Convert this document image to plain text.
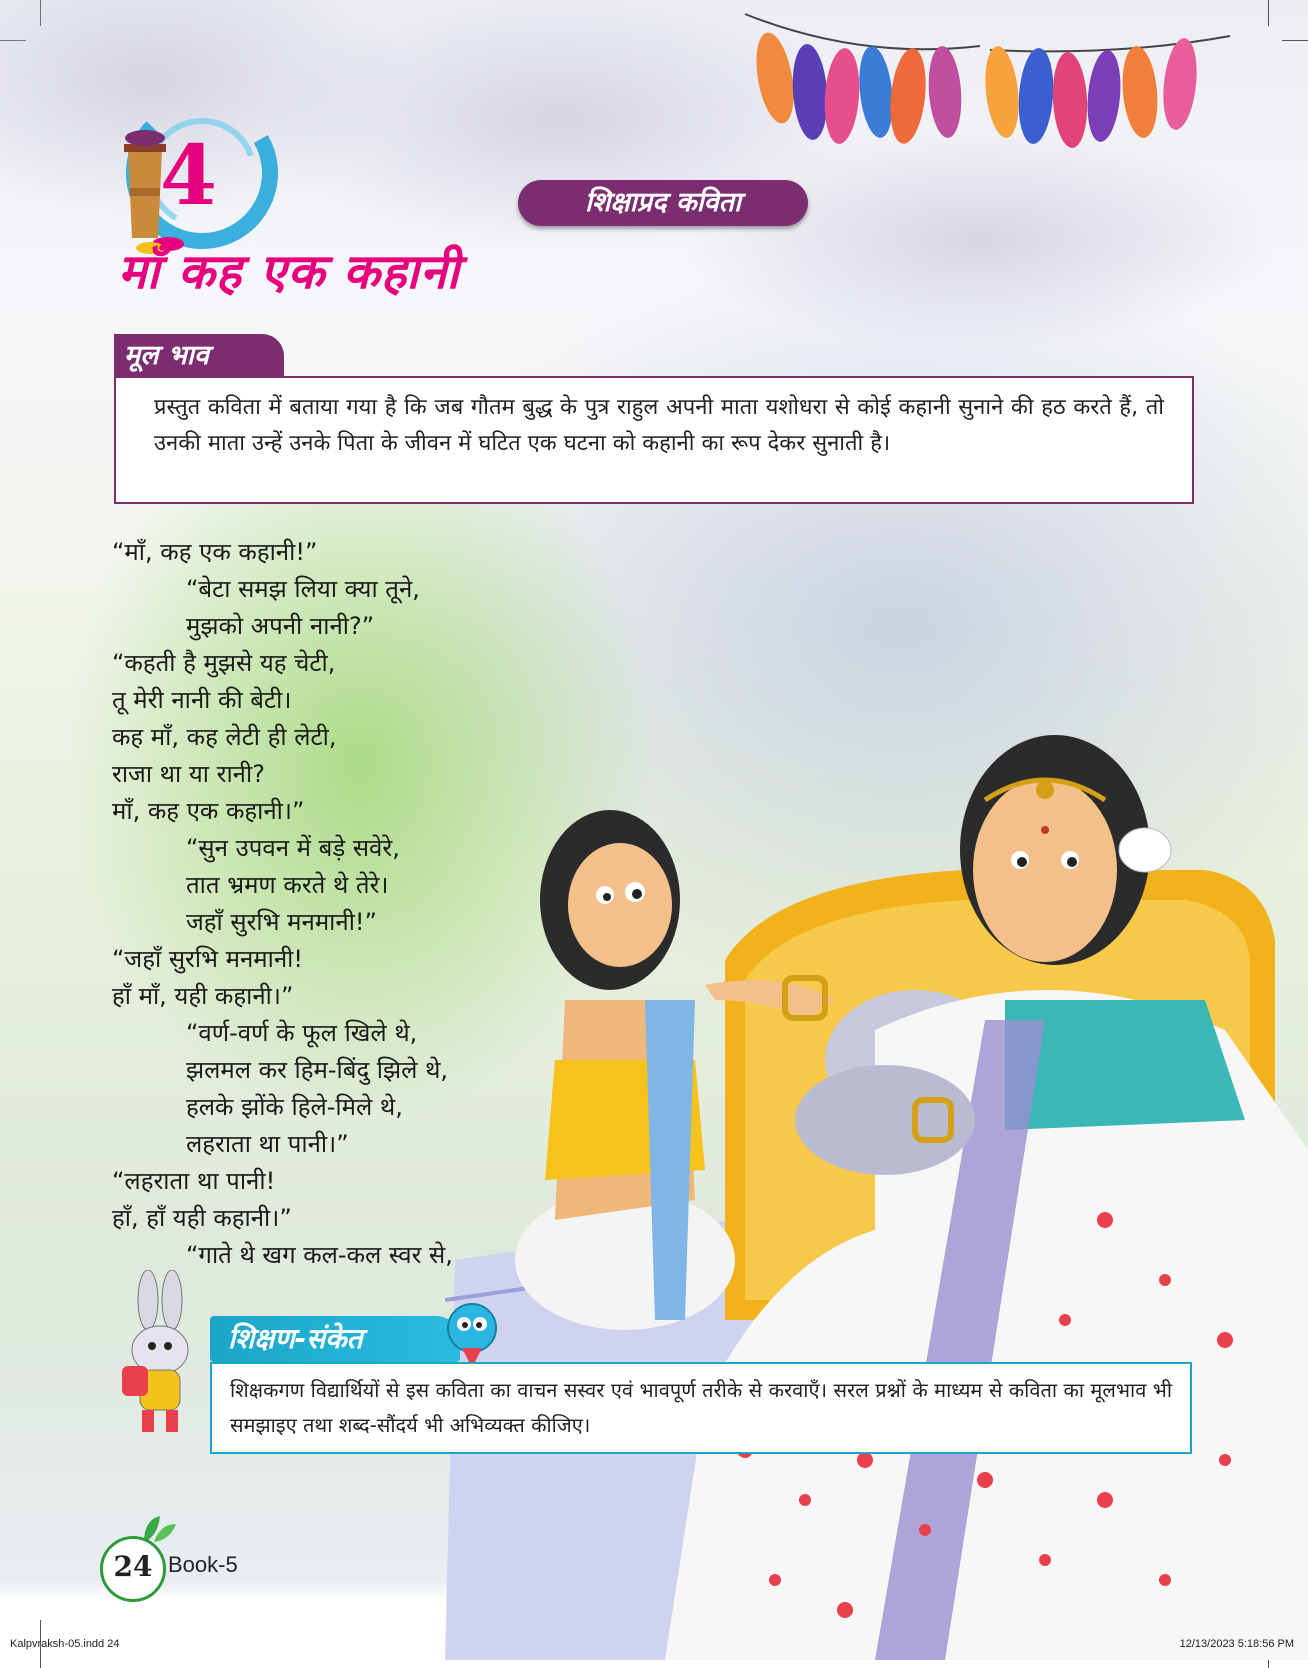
4	शिक्षाप्रद कविता
माँ कह एक कहानी
मूल भाव
प्रस्तुत कविता में बताया गया है कि जब गौतम बुद्ध के पुत्र राहुल अपनी माता यशोधरा से कोई कहानी सुनाने की हठ करते हैं, तो उनकी माता उन्हें उनके पिता के जीवन में घटित एक घटना को कहानी का रूप देकर सुनाती है।
“माँ, कह एक कहानी!”
“बेटा समझ लिया क्या तूने,
मुझको अपनी नानी?”
“कहती है मुझसे यह चेटी,
तू मेरी नानी की बेटी।
कह माँ, कह लेटी ही लेटी,
राजा था या रानी?
माँ, कह एक कहानी।”
“सुन उपवन में बड़े सवेरे,
तात भ्रमण करते थे तेरे।
जहाँ सुरभि मनमानी!”
“जहाँ सुरभि मनमानी!
हाँ माँ, यही कहानी।”
“वर्ण-वर्ण के फूल खिले थे,
झलमल कर हिम-बिंदु झिले थे,
हलके झोंके हिले-मिले थे,
लहराता था पानी।”
“लहराता था पानी!
हाँ, हाँ यही कहानी।”
“गाते थे खग कल-कल स्वर से,
शिक्षण-संकेत
शिक्षकगण विद्यार्थियों से इस कविता का वाचन सस्वर एवं भावपूर्ण तरीके से करवाएँ। सरल प्रश्नों के माध्यम से कविता का मूलभाव भी समझाइए तथा शब्द-सौंदर्य भी अभिव्यक्त कीजिए।
24 Book-5
Kalpvraksh-05.indd 24	12/13/2023 5:18:56 PM
